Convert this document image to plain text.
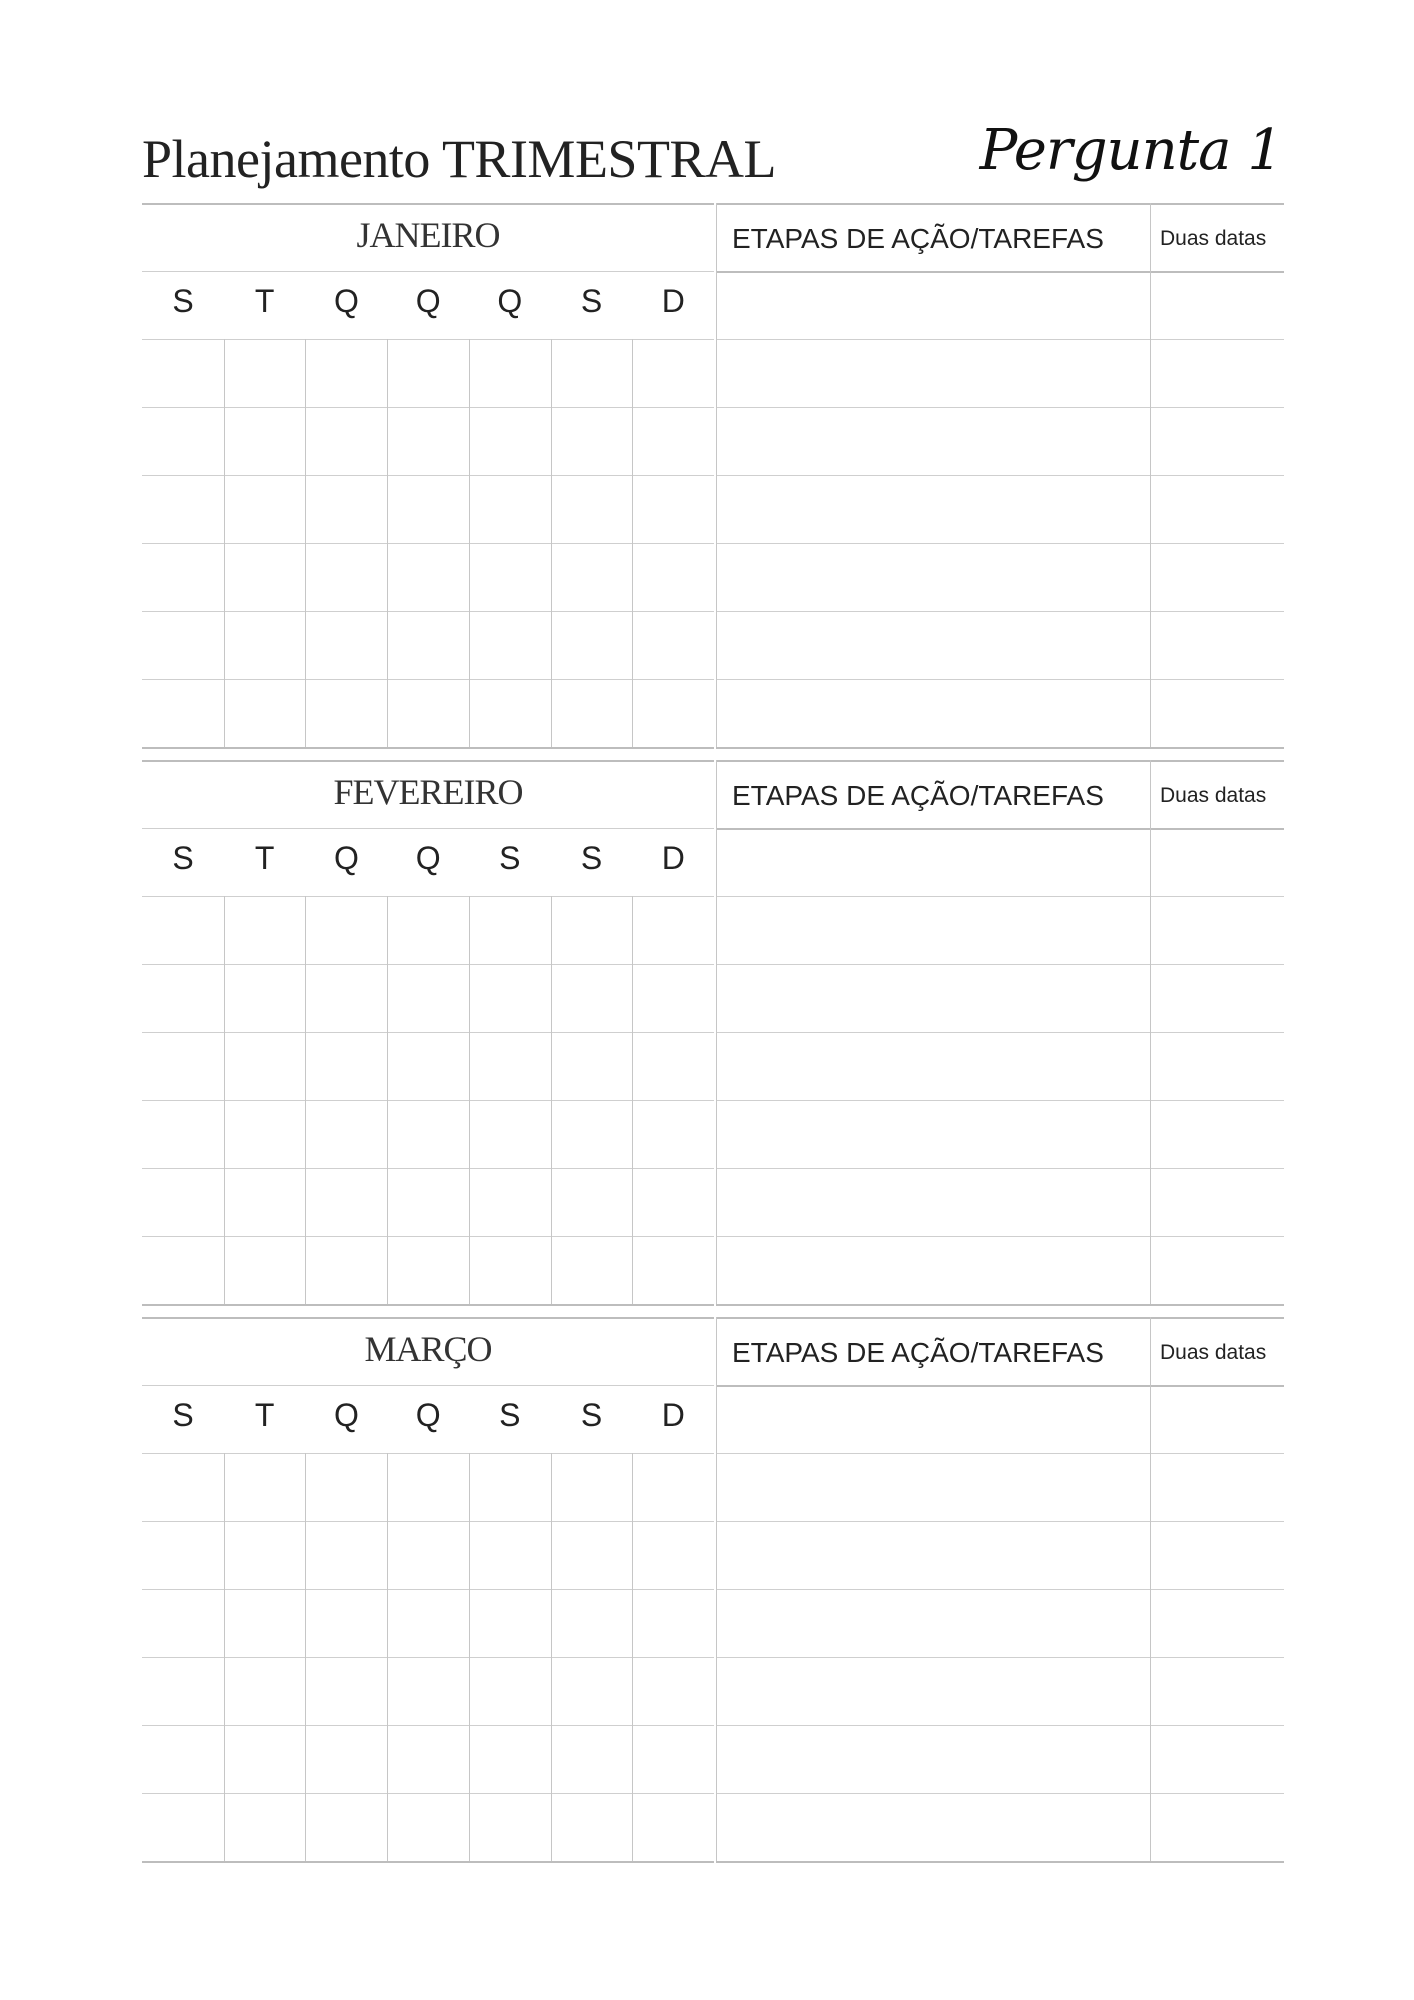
Planejamento TRIMESTRAL	Pergunta 1
JANEIRO
S	T	Q	Q	Q	S	D
ETAPAS DE AÇÃO/TAREFAS	Duas datas
FEVEREIRO
S	T	Q	Q	S	S	D
ETAPAS DE AÇÃO/TAREFAS	Duas datas
MARÇO
S	T	Q	Q	S	S	D
ETAPAS DE AÇÃO/TAREFAS	Duas datas
